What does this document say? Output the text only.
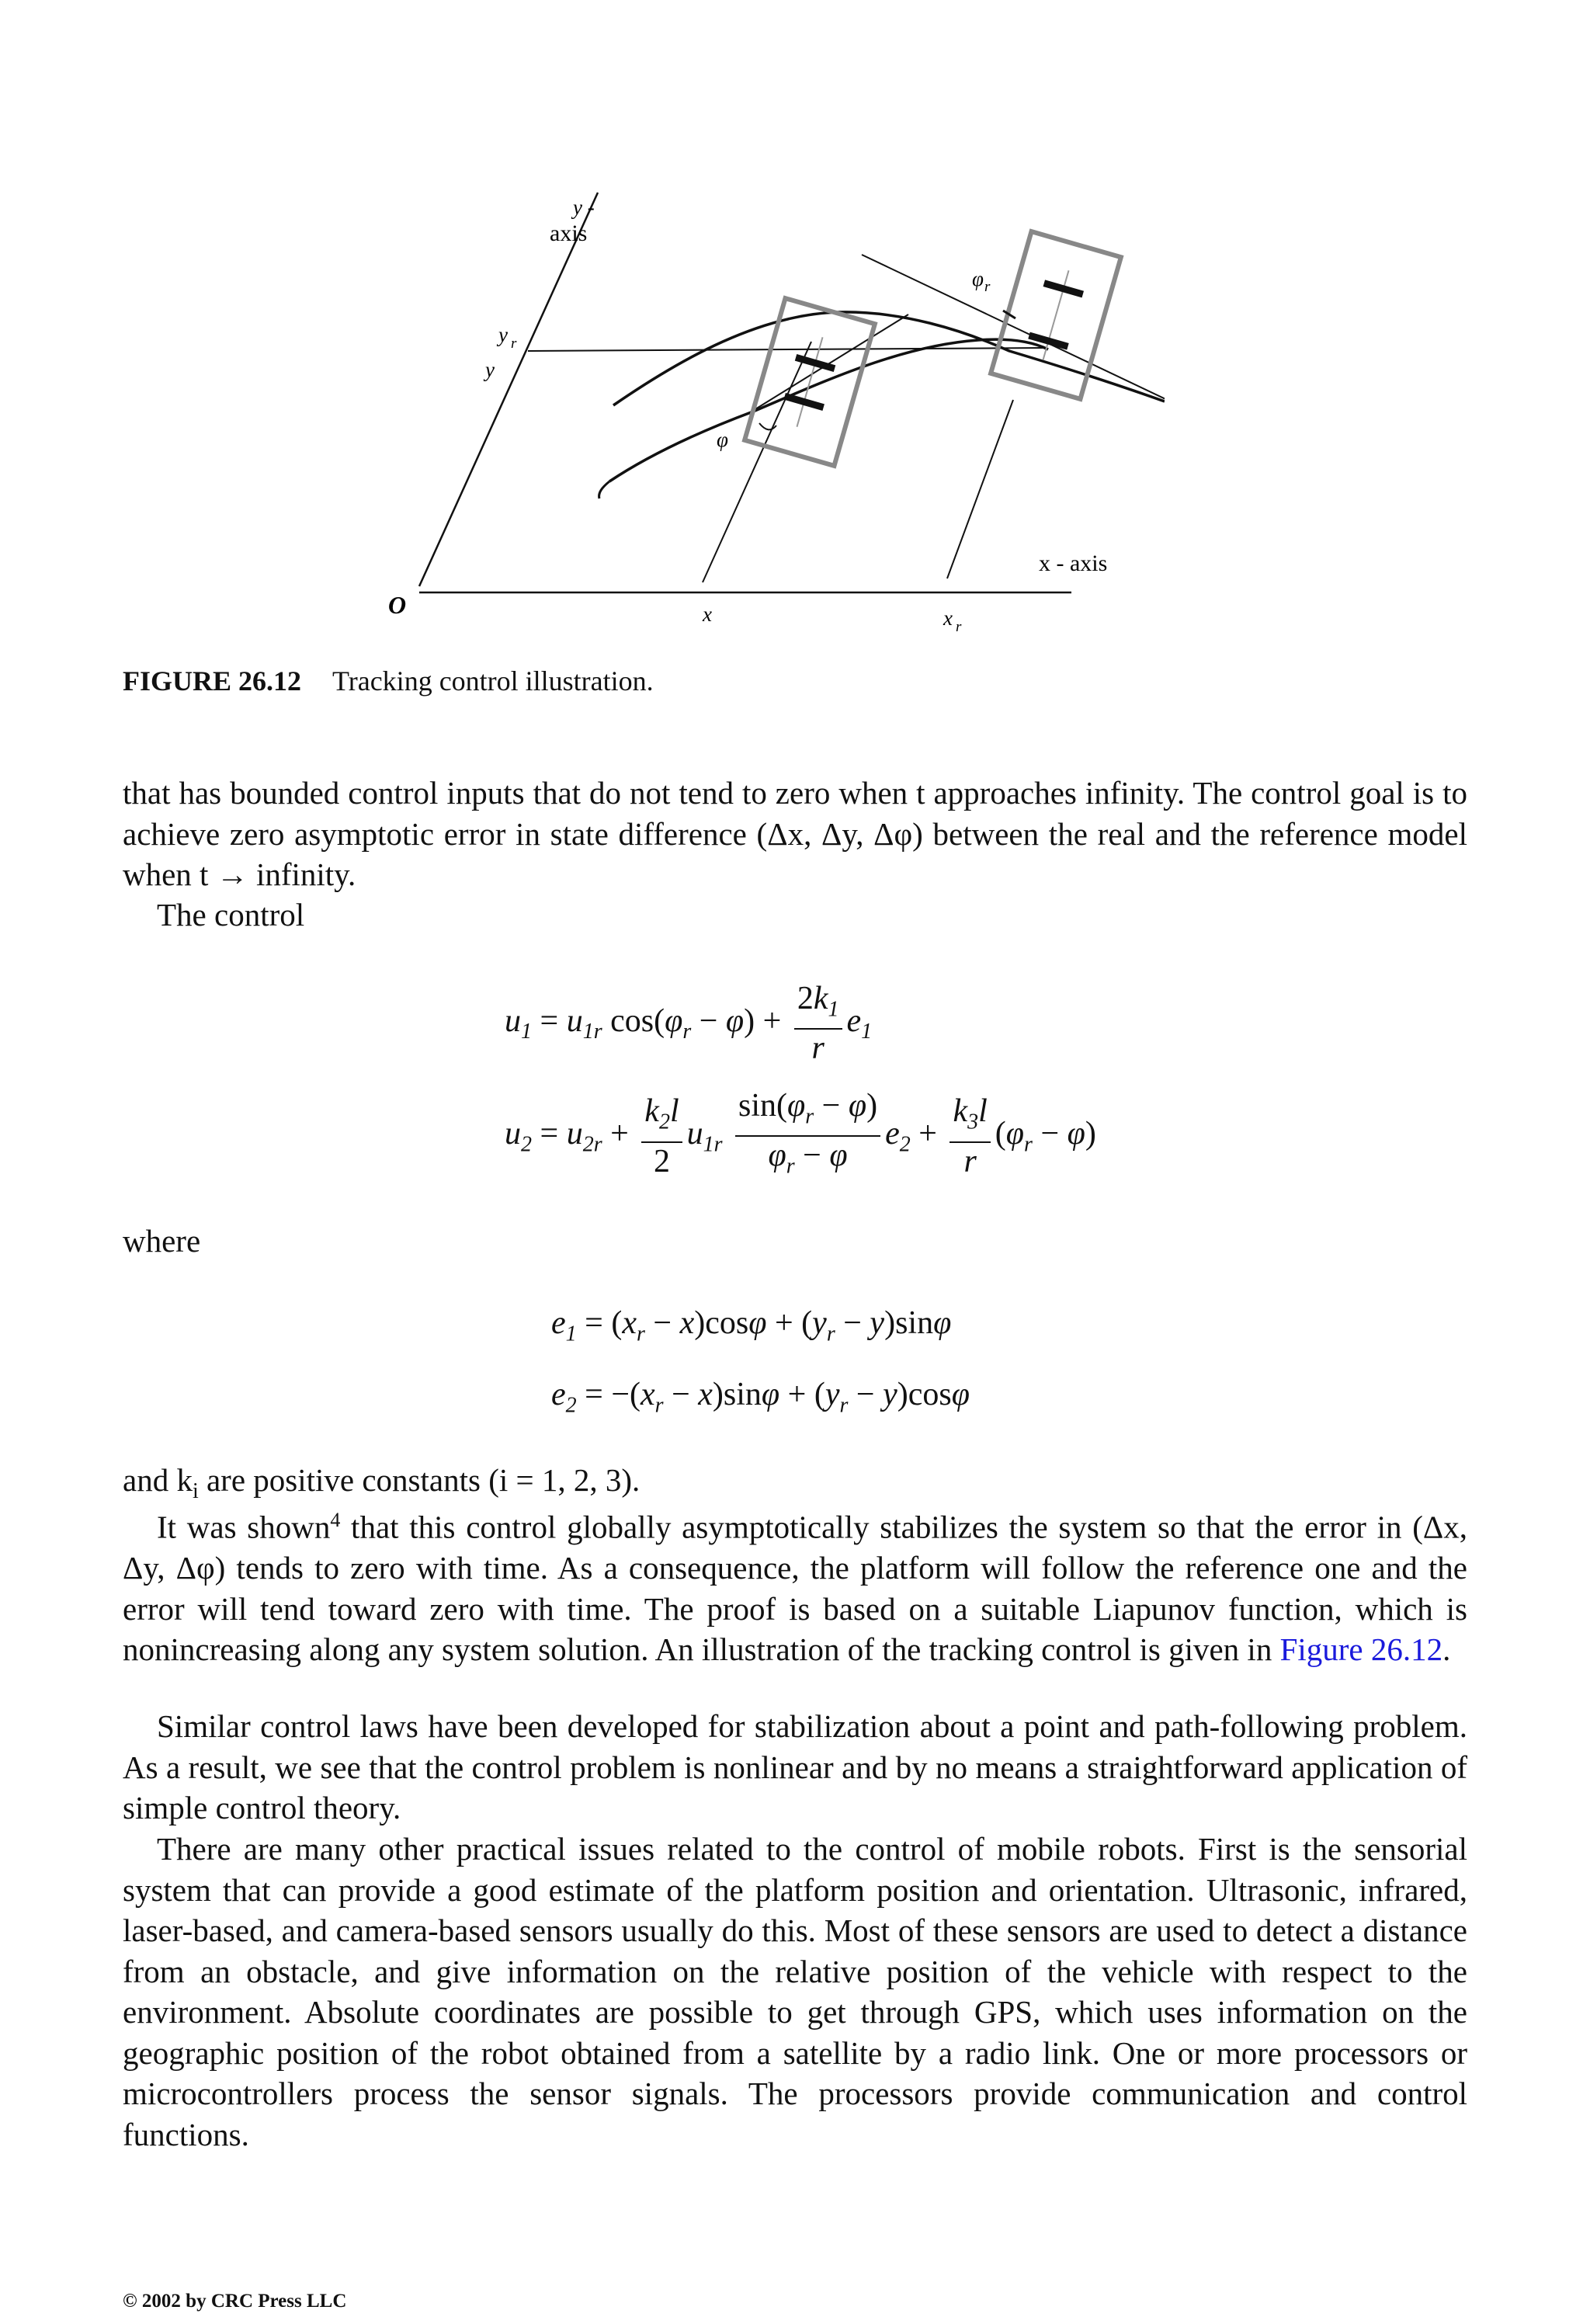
y -
axis
y r
y
O	x	x r
x - axis
φ
φ r
FIGURE 26.12 Tracking control illustration.

that has bounded control inputs that do not tend to zero when t approaches infinity. The control goal is to achieve zero asymptotic error in state difference (Δx, Δy, Δφ) between the real and the reference model when t → infinity.

The control

$u_1 = u_{1r}$ $\cos(\varphi_r - \varphi) + \frac{2k_1}{r} e_1$
$u_2 = u_{2r} + \frac{k_2l}{2} u_{1r} \frac{\sin(\varphi_r - \varphi)}{\varphi_r - \varphi} e_2 + \frac{k_3l}{r} (\varphi_r - \varphi)$

where

$e_1 = (x_r - x)\cos\varphi + (y_r - y)\sin\varphi$
$e_2 = -(x_r - x)\sin\varphi + (y_r - y)\cos\varphi$

and $k_i$ are positive constants (i = 1, 2, 3).

It was shown$^4$ that this control globally asymptotically stabilizes the system so that the error in (Δx, Δy, Δφ) tends to zero with time. As a consequence, the platform will follow the reference one and the error will tend toward zero with time. The proof is based on a suitable Liapunov function, which is nonincreasing along any system solution. An illustration of the tracking control is given in Figure 26.12.

Similar control laws have been developed for stabilization about a point and path-following problem. As a result, we see that the control problem is nonlinear and by no means a straightforward application of simple control theory.

There are many other practical issues related to the control of mobile robots. First is the sensorial system that can provide a good estimate of the platform position and orientation. Ultrasonic, infrared, laser-based, and camera-based sensors usually do this. Most of these sensors are used to detect a distance from an obstacle, and give information on the relative position of the vehicle with respect to the environment. Absolute coordinates are possible to get through GPS, which uses information on the geographic position of the robot obtained from a satellite by a radio link. One or more processors or microcontrollers process the sensor signals. The processors provide communication and control functions.

© 2002 by CRC Press LLC
